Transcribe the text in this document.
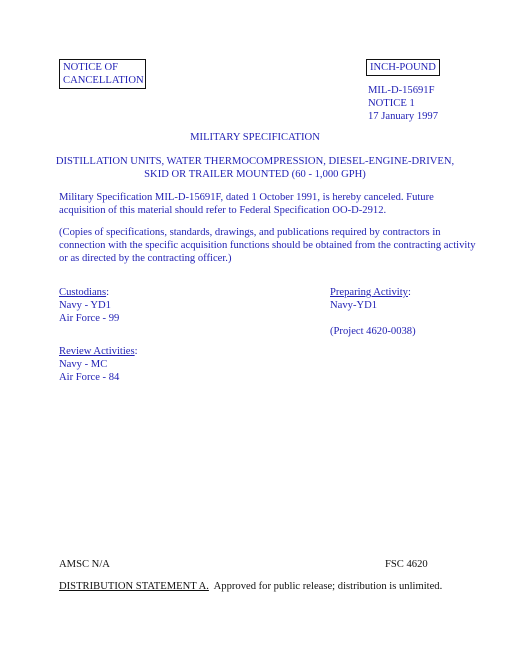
NOTICE OF
CANCELLATION
INCH-POUND
MIL-D-15691F
NOTICE 1
17 January 1997
MILITARY SPECIFICATION
DISTILLATION UNITS, WATER THERMOCOMPRESSION, DIESEL-ENGINE-DRIVEN,
SKID OR TRAILER MOUNTED (60 - 1,000 GPH)
Military Specification MIL-D-15691F, dated 1 October 1991, is hereby canceled. Future
acquisition of this material should refer to Federal Specification OO-D-2912.
(Copies of specifications, standards, drawings, and publications required by contractors in
connection with the specific acquisition functions should be obtained from the contracting activity
or as directed by the contracting officer.)
Custodians:
Navy - YD1
Air Force - 99
Preparing Activity:
Navy-YD1
(Project 4620-0038)
Review Activities:
Navy - MC
Air Force - 84
AMSC N/A	FSC 4620
DISTRIBUTION STATEMENT A.  Approved for public release; distribution is unlimited.
